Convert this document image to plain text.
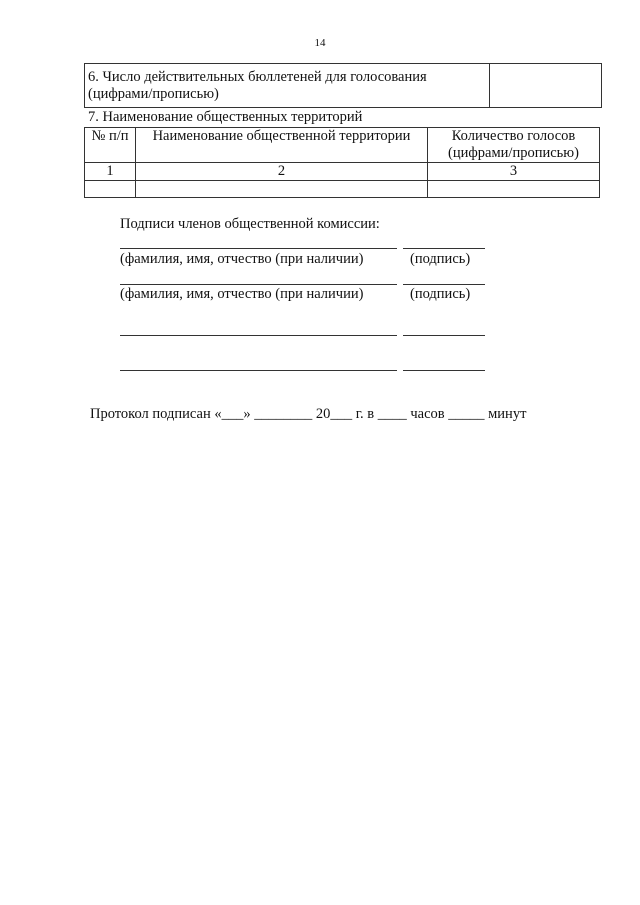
14
6. Число действительных бюллетеней для голосования (цифрами/прописью)	
7. Наименование общественных территорий
№ п/п	Наименование общественной территории	Количество голосов (цифрами/прописью)
1	2	3

Подписи членов общественной комиссии:
(фамилия, имя, отчество (при наличии)	(подпись)
(фамилия, имя, отчество (при наличии)	(подпись)
Протокол подписан «___» ________ 20___ г. в ____ часов _____ минут
